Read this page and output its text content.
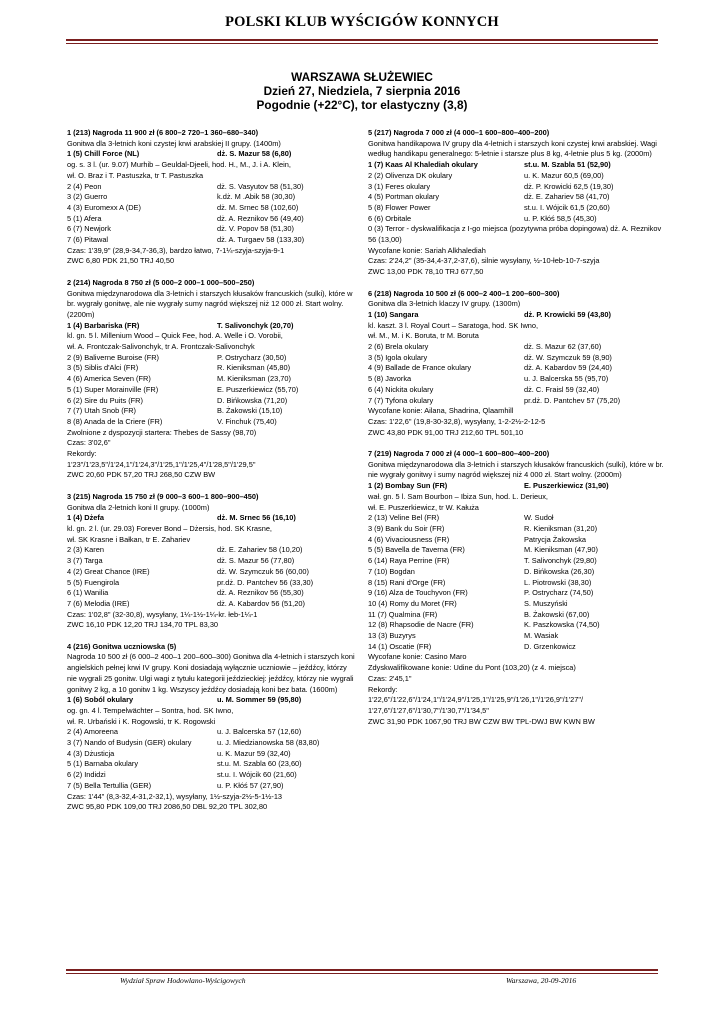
POLSKI KLUB WYŚCIGÓW KONNYCH
WARSZAWA SŁUŻEWIEC
Dzień 27, Niedziela, 7 sierpnia 2016
Pogodnie (+22°C), tor elastyczny (3,8)
1 (213) Nagroda 11 900 zł (6 800–2 720–1 360–680–340)
Gonitwa dla 3-letnich koni czystej krwi arabskiej II grupy. (1400m)
1 (5) Chill Force (NL)	dż. S. Mazur 58 (6,80)
og. s. 3 l. (ur. 9.07) Murhib – Geuldal-Djeeli, hod. H., M., J. i A. Klein,
wł. O. Braz i T. Pastuszka, tr T. Pastuszka
2 (4) Peon	dż. S. Vasyutov 58 (51,30)
3 (2) Guerro	k.dż. M .Abik 58 (30,30)
4 (3) Euromexx A (DE)	dż. M. Srnec 58 (102,60)
5 (1) Afera	dż. A. Reznikov 56 (49,40)
6 (7) Newjork	dż. V. Popov 58 (51,30)
7 (6) Pitawal	dż. A. Turgaev 58 (133,30)
Czas: 1'39,9" (28,9-34,7-36,3), bardzo łatwo, 7-1¼-szyja-szyja-9-1
ZWC 6,80 PDK 21,50 TRJ 40,50
2 (214) Nagroda 8 750 zł (5 000–2 000–1 000–500–250)
Gonitwa międzynarodowa dla 3-letnich i starszych kłusaków francuskich (sulki), które w br. wygrały gonitwę, ale nie wygrały sumy nagród większej niż 12 000 zł. Start wolny. (2200m)
1 (4) Barbariska (FR)	T. Salivonchyk (20,70)
kl. gn. 5 l. Millenium Wood – Quick Fee, hod. A. Welle i O. Vorobii,
wł. A. Frontczak-Salivonchyk, tr A. Frontczak-Salivonchyk
2 (9) Baliverne Buroise (FR)	P. Ostrycharz (30,50)
3 (5) Siblis d'Alci (FR)	R. Kieniksman (45,80)
4 (6) America Seven (FR)	M. Kieniksman (23,70)
5 (1) Super Morainville (FR)	E. Puszerkiewicz (55,70)
6 (2) Sire du Puits (FR)	D. Bińkowska (71,20)
7 (7) Utah Snob (FR)	B. Żakowski (15,10)
8 (8) Anada de la Criere (FR)	V. Finchuk (75,40)
Zwolnione z dyspozycji startera: Thebes de Sassy (98,70)
Czas: 3'02,6"
Rekordy:
1'23"/1'23,5"/1'24,1"/1'24,3"/1'25,1"/1'25,4"/1'28,5"/1'29,5"
ZWC 20,60 PDK 57,20 TRJ 268,50 CZW BW
3 (215) Nagroda 15 750 zł (9 000–3 600–1 800–900–450)
Gonitwa dla 2-letnich koni II grupy. (1000m)
1 (4) Dżefa	dż. M. Srnec 56 (16,10)
kl. gn. 2 l. (ur. 29.03) Forever Bond – Dżersis, hod. SK Krasne,
wł. SK Krasne i Bałkan, tr E. Zahariev
2 (3) Karen	dż. E. Zahariev 58 (10,20)
3 (7) Targa	dż. S. Mazur 56 (77,80)
4 (2) Great Chance (IRE)	dż. W. Szymczuk 56 (60,00)
5 (5) Fuengirola	pr.dż. D. Pantchev 56 (33,30)
6 (1) Wanilia	dż. A. Reznikov 56 (55,30)
7 (6) Melodia (IRE)	dż. A. Kabardov 56 (51,20)
Czas: 1'02,8" (32-30,8), wysyłany, 1¼-1½-1¼-kr. łeb-1¼-1
ZWC 16,10 PDK 12,20 TRJ 134,70 TPL 83,30
4 (216) Gonitwa uczniowska (5)
Nagroda 10 500 zł (6 000–2 400–1 200–600–300) Gonitwa dla 4-letnich i starszych koni angielskich pełnej krwi IV grupy. Koni dosiadają wyłącznie uczniowie – jeźdźcy, którzy nie wygrali 25 gonitw. Ulgi wagi z tytułu kategorii jeździeckiej: jeźdźcy, którzy nie wygrali gonitwy 2 kg, a 10 gonitw 1 kg. Wszyscy jeźdźcy dosiadają koni bez bata. (1600m)
1 (6) Soból okulary	u. M. Sommer 59 (95,80)
og. gn. 4 l. Tempelwächter – Sontra, hod. SK Iwno,
wł. R. Urbański i K. Rogowski, tr K. Rogowski
2 (4) Amoreena	u. J. Balcerska 57 (12,60)
3 (7) Nando of Budysin (GER) okulary	u. J. Miedzianowska 58 (83,80)
4 (3) Dżusticja	u. K. Mazur 59 (32,40)
5 (1) Barnaba okulary	st.u. M. Szabla 60 (23,60)
6 (2) Indidzi	st.u. I. Wójcik 60 (21,60)
7 (5) Bella Tertullia (GER)	u. P. Kłóś 57 (27,90)
Czas: 1'44" (8,3-32,4-31,2-32,1), wysyłany, 1½-szyja-2½-5-1½-13
ZWC 95,80 PDK 109,00 TRJ 2086,50 DBL 92,20 TPL 302,80
5 (217) Nagroda 7 000 zł (4 000–1 600–800–400–200)
Gonitwa handikapowa IV grupy dla 4-letnich i starszych koni czystej krwi arabskiej. Wagi według handikapu generalnego: 5-letnie i starsze plus 8 kg, 4-letnie plus 5 kg. (2000m)
1 (7) Kaas Al Khalediah okulary	st.u. M. Szabla 51 (52,90)
2 (2) Olivenza DK okulary	u. K. Mazur 60,5 (69,00)
3 (1) Feres okulary	dż. P. Krowicki 62,5 (19,30)
4 (5) Portman okulary	dż. E. Zahariev 58 (41,70)
5 (8) Flower Power	st.u. I. Wójcik 61,5 (20,60)
6 (6) Orbitale	u. P. Kłóś 58,5 (45,30)
0 (3) Terror - dyskwalifikacja z I-go miejsca (pozytywna próba dopingowa) dż. A. Reznikov 56 (13,00)
Wycofane konie: Sariah Alkhalediah
Czas: 2'24,2" (35-34,4-37,2-37,6), silnie wysyłany, ½-10-łeb-10-7-szyja
ZWC 13,00 PDK 78,10 TRJ 677,50
6 (218) Nagroda 10 500 zł (6 000–2 400–1 200–600–300)
Gonitwa dla 3-letnich klaczy IV grupy. (1300m)
1 (10) Sangara	dż. P. Krowicki 59 (43,80)
kl. kaszt. 3 l. Royal Court – Saratoga, hod. SK Iwno,
wł. M., M. i K. Boruta, tr M. Boruta
2 (6) Brela okulary	dż. S. Mazur 62 (37,60)
3 (5) Igola okulary	dż. W. Szymczuk 59 (8,90)
4 (9) Ballade de France okulary	dż. A. Kabardov 59 (24,40)
5 (8) Javorka	u. J. Balcerska 55 (95,70)
6 (4) Nickita okulary	dż. C. Fraisl 59 (32,40)
7 (7) Tyfona okulary	pr.dż. D. Pantchev 57 (75,20)
Wycofane konie: Ailana, Shadrina, Qlaamhill
Czas: 1'22,6" (19,8-30-32,8), wysyłany, 1-2-2½-2-12-5
ZWC 43,80 PDK 91,00 TRJ 212,60 TPL 501,10
7 (219) Nagroda 7 000 zł (4 000–1 600–800–400–200)
Gonitwa międzynarodowa dla 3-letnich i starszych kłusaków francuskich (sulki), które w br. nie wygrały gonitwy i sumy nagród większej niż 4 000 zł. Start wolny. (2000m)
1 (2) Bombay Sun (FR)	E. Puszerkiewicz (31,90)
wał. gn. 5 l. Sam Bourbon – Ibiza Sun, hod. L. Derieux,
wł. E. Puszerkiewicz, tr W. Kałuża
2 (13) Veline Bel (FR)	W. Sudoł
3 (9) Bank du Soir (FR)	R. Kieniksman (31,20)
4 (6) Vivaciousness (FR)	Patrycja Żakowska
5 (5) Bavella de Taverna (FR)	M. Kieniksman (47,90)
6 (14) Raya Perrine (FR)	T. Salivonchyk (29,80)
7 (10) Bogdan	D. Bińkowska (26,30)
8 (15) Rani d'Orge (FR)	L. Piotrowski (38,30)
9 (16) Alza de Touchyvon (FR)	P. Ostrycharz (74,50)
10 (4) Romy du Moret (FR)	S. Muszyński
11 (7) Qualmina (FR)	B. Żakowski (67,00)
12 (8) Rhapsodie de Nacre (FR)	K. Paszkowska (74,50)
13 (3) Buzyrys	M. Wasiak
14 (1) Oscatie (FR)	D. Grzenkowicz
Wycofane konie: Casino Maro
Zdyskwalifikowane konie: Udine du Pont (103,20) (z 4. miejsca)
Czas: 2'45,1"
Rekordy:
1'22,6"/1'22,6"/1'24,1"/1'24,9"/1'25,1"/1'25,9"/1'26,1"/1'26,9"/1'27"/
1'27,6"/1'27,6"/1'30,7"/1'30,7"/1'34,5"
ZWC 31,90 PDK 1067,90 TRJ BW CZW BW TPL-DWJ BW KWN BW
Wydział Spraw Hodowlano-Wyścigowych	Warszawa, 20-09-2016
